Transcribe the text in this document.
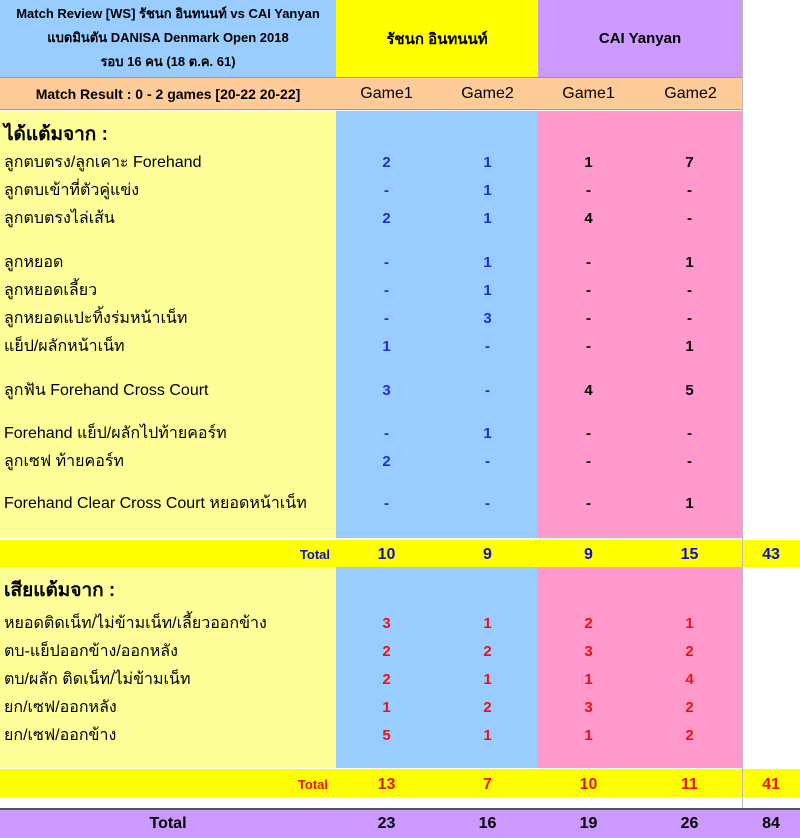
Match Review [WS] รัชนก อินทนนท์ vs CAI Yanyan
แบดมินตัน DANISA Denmark Open 2018
รอบ 16 คน (18 ต.ค. 61)
รัชนก อินทนนท์	CAI Yanyan
Match Result : 0 - 2 games [20-22 20-22]	Game1	Game2	Game1	Game2
ได้แต้มจาก :
ลูกตบตรง/ลูกเคาะ Forehand	2	1	1	7
ลูกตบเข้าที่ตัวคู่แข่ง	-	1	-	-
ลูกตบตรงไล่เส้น	2	1	4	-
ลูกหยอด	-	1	-	1
ลูกหยอดเลี้ยว	-	1	-	-
ลูกหยอดแปะทิ้งร่มหน้าเน็ท	-	3	-	-
แย็ป/ผลักหน้าเน็ท	1	-	-	1
ลูกฟัน Forehand Cross Court	3	-	4	5
Forehand แย็ป/ผลักไปท้ายคอร์ท	-	1	-	-
ลูกเซฟ ท้ายคอร์ท	2	-	-	-
Forehand Clear Cross Court หยอดหน้าเน็ท	-	-	-	1
Total	10	9	9	15	43
เสียแต้มจาก :
หยอดติดเน็ท/ไม่ข้ามเน็ท/เลี้ยวออกข้าง	3	1	2	1
ตบ-แย็ปออกข้าง/ออกหลัง	2	2	3	2
ตบ/ผลัก ติดเน็ท/ไม่ข้ามเน็ท	2	1	1	4
ยก/เซฟ/ออกหลัง	1	2	3	2
ยก/เซฟ/ออกข้าง	5	1	1	2
Total	13	7	10	11	41
Total	23	16	19	26	84
